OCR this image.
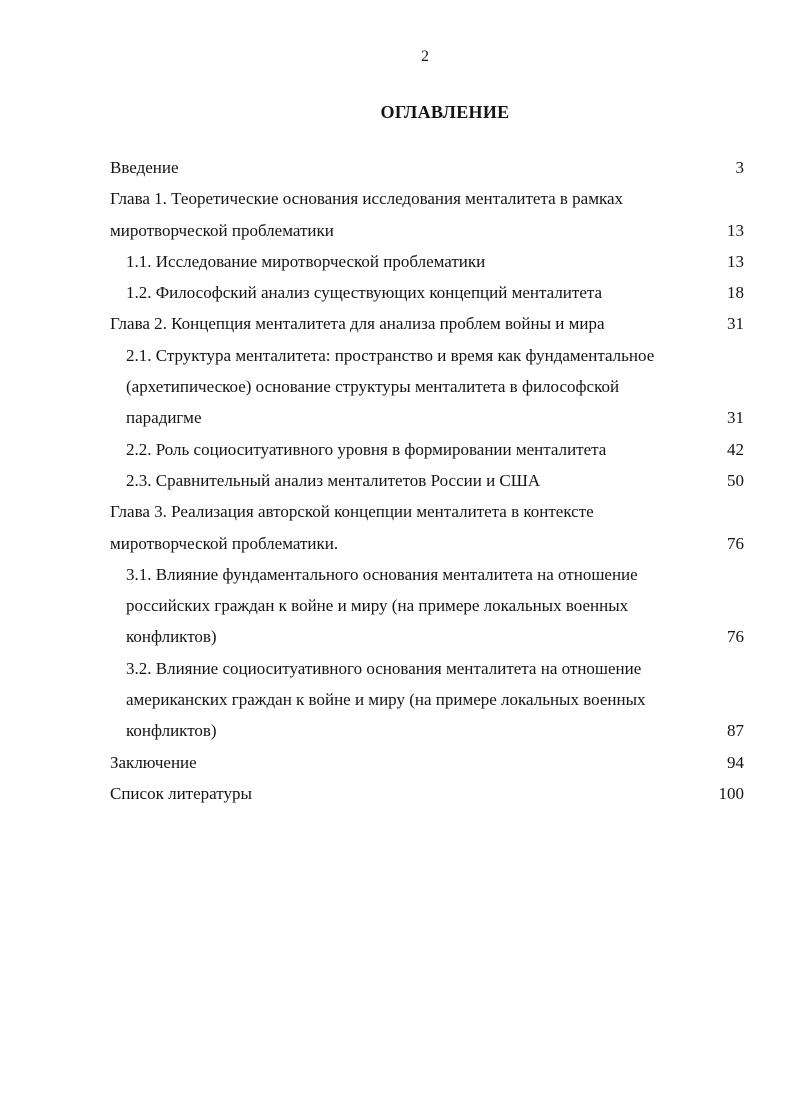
2
ОГЛАВЛЕНИЕ
Введение	3
Глава 1. Теоретические основания исследования менталитета в рамках
миротворческой проблематики	13
1.1. Исследование миротворческой проблематики	13
1.2. Философский анализ существующих концепций менталитета	18
Глава 2. Концепция менталитета для анализа проблем войны и мира	31
2.1. Структура менталитета: пространство и время как фундаментальное
(архетипическое) основание структуры менталитета в философской
парадигме	31
2.2. Роль социоситуативного уровня в формировании менталитета	42
2.3. Сравнительный анализ менталитетов России и США	50
Глава 3. Реализация авторской концепции менталитета в контексте
миротворческой проблематики.	76
3.1. Влияние фундаментального основания менталитета на отношение
российских граждан к войне и миру (на примере локальных военных
конфликтов)	76
3.2. Влияние социоситуативного основания менталитета на отношение
американских граждан к войне и миру (на примере локальных военных
конфликтов)	87
Заключение	94
Список литературы	100
